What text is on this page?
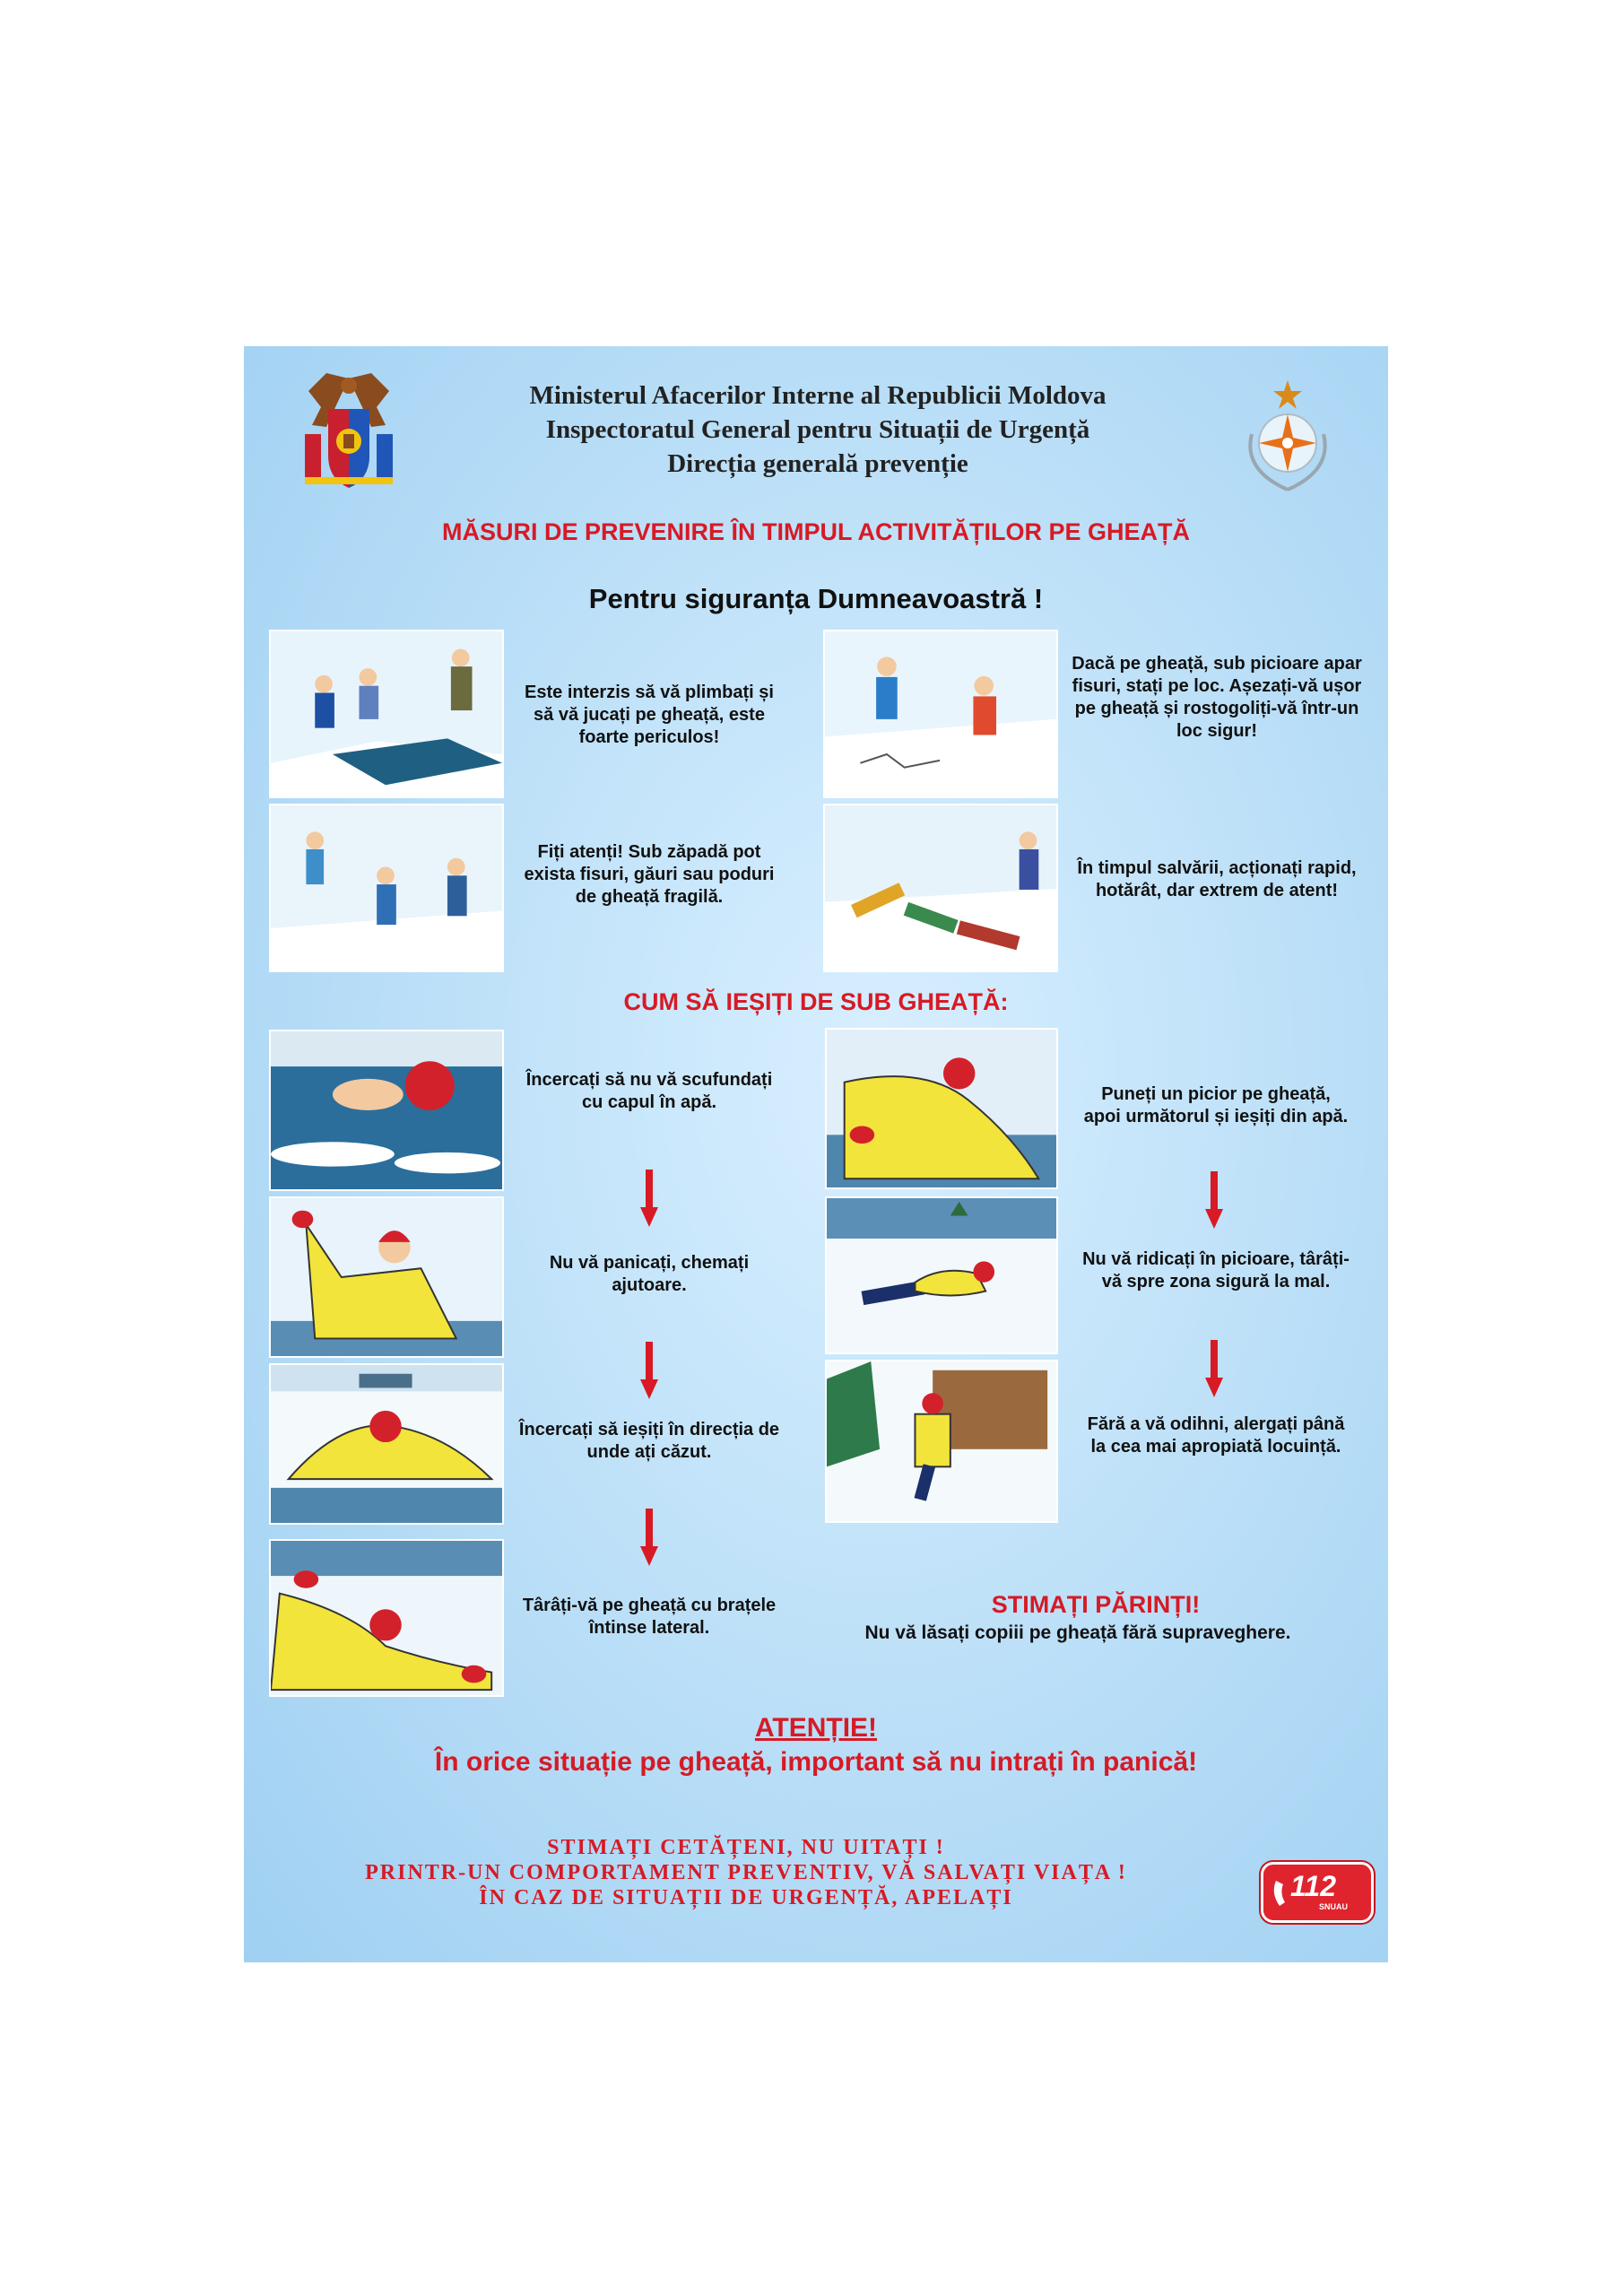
Ministerul Afacerilor Interne al Republicii Moldova
Inspectoratul General pentru Situații de Urgență
Direcția generală prevenție
MĂSURI DE PREVENIRE ÎN TIMPUL ACTIVITĂȚILOR PE GHEAȚĂ
Pentru siguranța Dumneavoastră !
Este interzis să vă plimbați și să vă jucați pe gheață, este foarte periculos!
Dacă pe gheață, sub picioare apar fisuri, stați pe loc. Așezați-vă ușor pe gheață și rostogoliți-vă într-un loc sigur!
Fiți atenți! Sub zăpadă pot exista fisuri, găuri sau poduri de gheață fragilă.
În timpul salvării, acționați rapid, hotărât, dar extrem de atent!
CUM SĂ IEȘIȚI DE SUB GHEAȚĂ:
Încercați să nu vă scufundați cu capul în apă.
Nu vă panicați, chemați ajutoare.
Încercați să ieșiți în direcția de unde ați căzut.
Târâți-vă pe gheață cu brațele întinse lateral.
Puneți un picior pe gheață, apoi următorul și ieșiți din apă.
Nu vă ridicați în picioare, târâți-vă spre zona sigură la mal.
Fără a vă odihni, alergați până la cea mai apropiată locuință.
STIMAȚI PĂRINȚI!
Nu vă lăsați copiii pe gheață fără supraveghere.
ATENȚIE!
În orice situație pe gheață, important să nu intrați în panică!
STIMAȚI CETĂȚENI, NU UITAȚI !
PRINTR-UN COMPORTAMENT PREVENTIV, VĂ SALVAȚI VIAȚA !
ÎN CAZ DE SITUAȚII DE URGENȚĂ, APELAȚI	112
SNUAU
